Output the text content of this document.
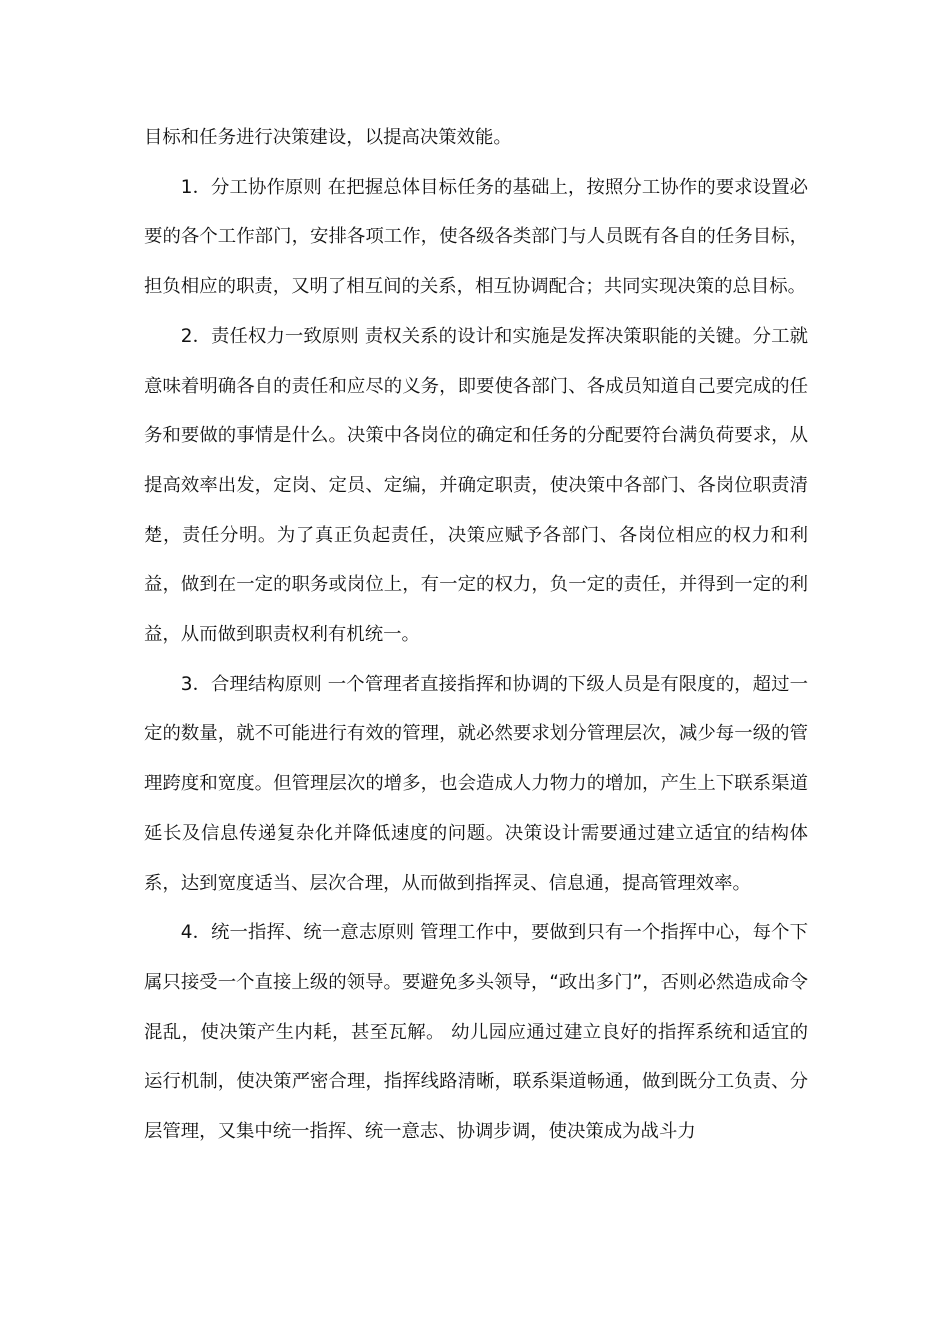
目标和任务进行决策建设，以提高决策效能。

1．分工协作原则 在把握总体目标任务的基础上，按照分工协作的要求设置必要的各个工作部门，安排各项工作，使各级各类部门与人员既有各自的任务目标，担负相应的职责，又明了相互间的关系，相互协调配合；共同实现决策的总目标。

2．责任权力一致原则 责权关系的设计和实施是发挥决策职能的关键。分工就意味着明确各自的责任和应尽的义务，即要使各部门、各成员知道自己要完成的任务和要做的事情是什么。决策中各岗位的确定和任务的分配要符台满负荷要求，从提高效率出发，定岗、定员、定编，并确定职责，使决策中各部门、各岗位职责清楚，责任分明。为了真正负起责任，决策应赋予各部门、各岗位相应的权力和利益，做到在一定的职务或岗位上，有一定的权力，负一定的责任，并得到一定的利益，从而做到职责权利有机统一。

3．合理结构原则 一个管理者直接指挥和协调的下级人员是有限度的，超过一定的数量，就不可能进行有效的管理，就必然要求划分管理层次，减少每一级的管理跨度和宽度。但管理层次的增多，也会造成人力物力的增加，产生上下联系渠道延长及信息传递复杂化并降低速度的问题。决策设计需要通过建立适宜的结构体系，达到宽度适当、层次合理，从而做到指挥灵、信息通，提高管理效率。

4．统一指挥、统一意志原则 管理工作中，要做到只有一个指挥中心，每个下属只接受一个直接上级的领导。要避免多头领导，“政出多门”，否则必然造成命令混乱，使决策产生内耗，甚至瓦解。 幼儿园应通过建立良好的指挥系统和适宜的运行机制，使决策严密合理，指挥线路清晰，联系渠道畅通，做到既分工负责、分层管理，又集中统一指挥、统一意志、协调步调，使决策成为战斗力
